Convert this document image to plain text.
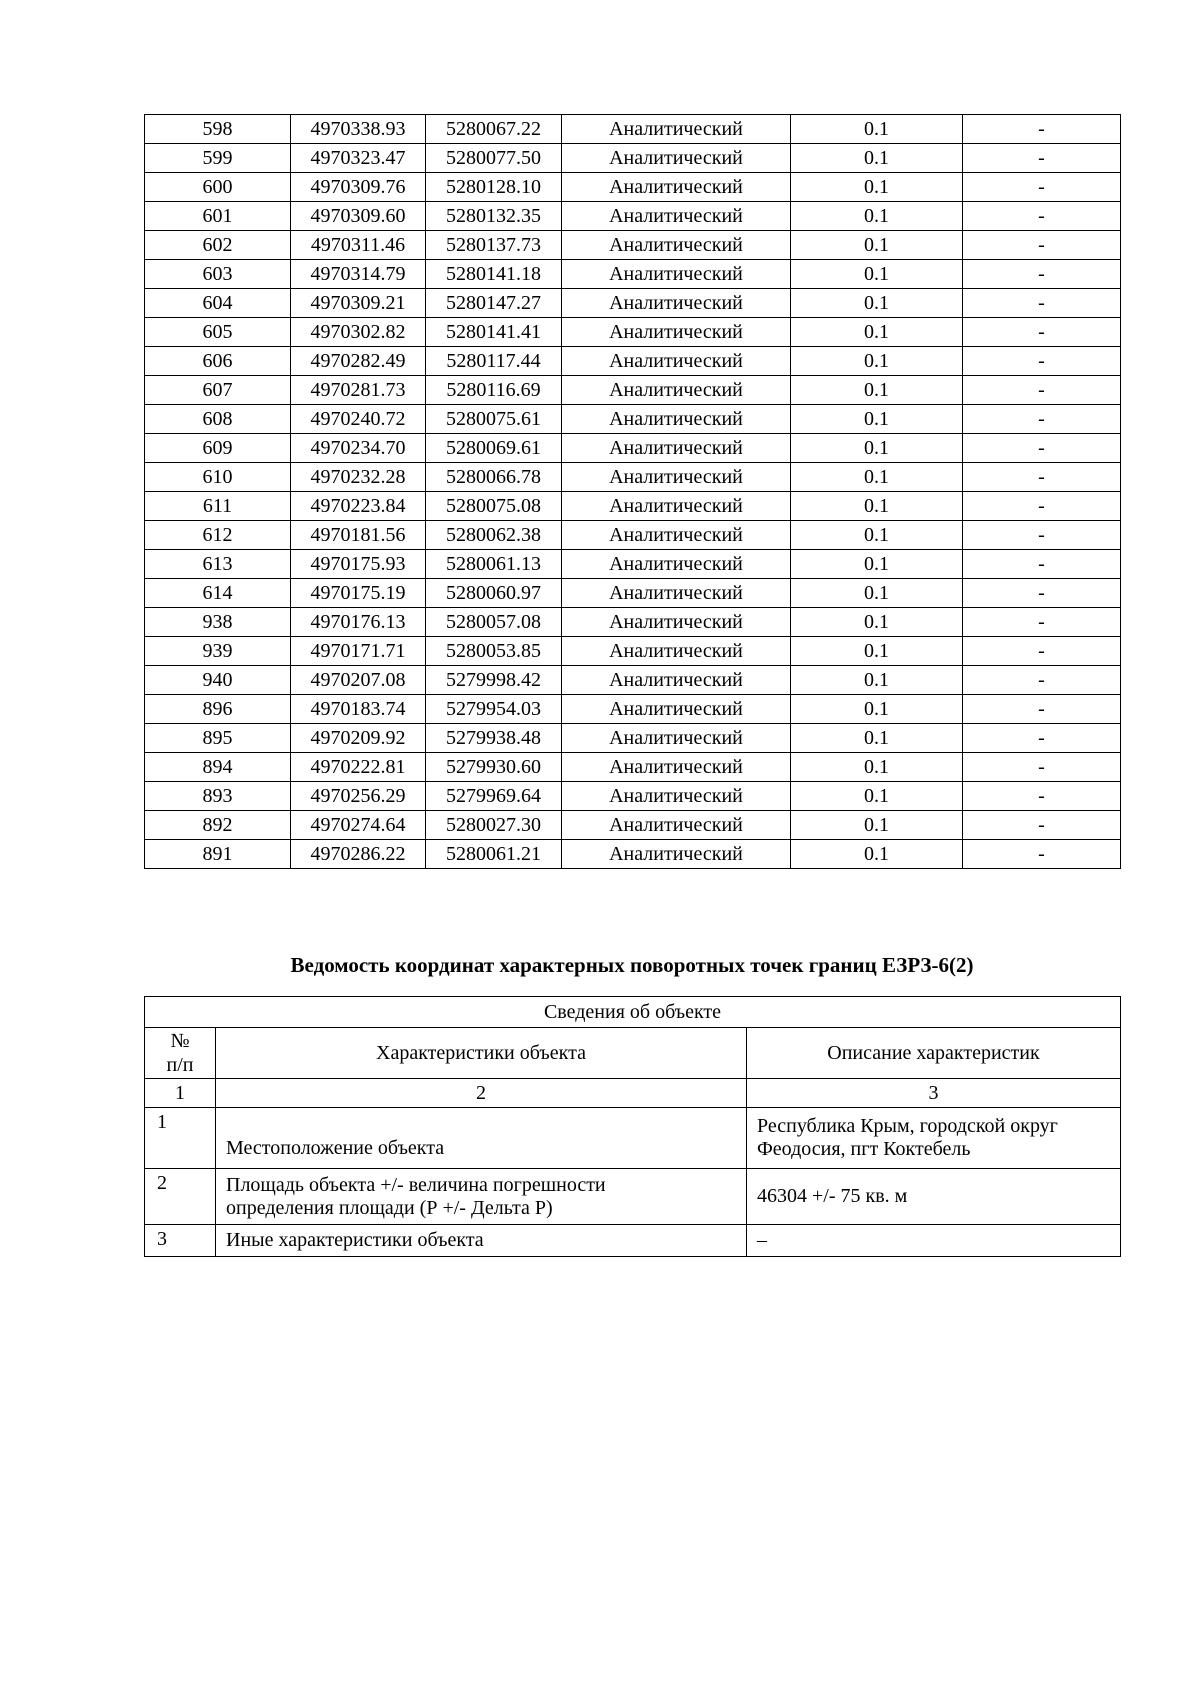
598	4970338.93	5280067.22	Аналитический	0.1	-
599	4970323.47	5280077.50	Аналитический	0.1	-
600	4970309.76	5280128.10	Аналитический	0.1	-
601	4970309.60	5280132.35	Аналитический	0.1	-
602	4970311.46	5280137.73	Аналитический	0.1	-
603	4970314.79	5280141.18	Аналитический	0.1	-
604	4970309.21	5280147.27	Аналитический	0.1	-
605	4970302.82	5280141.41	Аналитический	0.1	-
606	4970282.49	5280117.44	Аналитический	0.1	-
607	4970281.73	5280116.69	Аналитический	0.1	-
608	4970240.72	5280075.61	Аналитический	0.1	-
609	4970234.70	5280069.61	Аналитический	0.1	-
610	4970232.28	5280066.78	Аналитический	0.1	-
611	4970223.84	5280075.08	Аналитический	0.1	-
612	4970181.56	5280062.38	Аналитический	0.1	-
613	4970175.93	5280061.13	Аналитический	0.1	-
614	4970175.19	5280060.97	Аналитический	0.1	-
938	4970176.13	5280057.08	Аналитический	0.1	-
939	4970171.71	5280053.85	Аналитический	0.1	-
940	4970207.08	5279998.42	Аналитический	0.1	-
896	4970183.74	5279954.03	Аналитический	0.1	-
895	4970209.92	5279938.48	Аналитический	0.1	-
894	4970222.81	5279930.60	Аналитический	0.1	-
893	4970256.29	5279969.64	Аналитический	0.1	-
892	4970274.64	5280027.30	Аналитический	0.1	-
891	4970286.22	5280061.21	Аналитический	0.1	-
Ведомость координат характерных поворотных точек границ ЕЗРЗ-6(2)
Сведения об объекте		

№
п/п	Характеристики объекта	Описание характеристик
1	2	3
1	Местоположение объекта	Республика Крым, городской округ
Феодосия, пгт Коктебель

2	Площадь объекта +/- величина погрешности
определения площади (Р +/- Дельта Р)	46304 +/- 75 кв. м

3	Иные характеристики объекта	–
